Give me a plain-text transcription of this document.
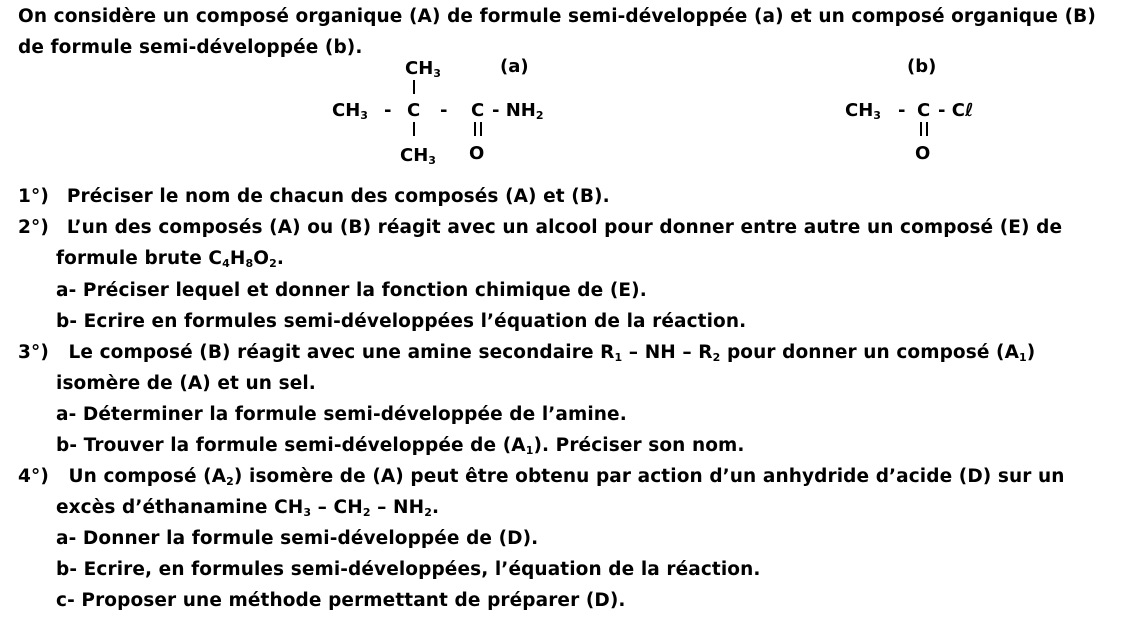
On considère un composé organique (A) de formule semi-développée (a) et un composé organique (B)
de formule semi-développée (b).
(a)
$CH_3$
$CH_3$ - C - C - $NH_2$
$CH_3$ O
(b)
$CH_3$ - C - Cℓ
O
1°) Préciser le nom de chacun des composés (A) et (B).
2°) L’un des composés (A) ou (B) réagit avec un alcool pour donner entre autre un composé (E) de
formule brute $C_4H_8O_2$.
a- Préciser lequel et donner la fonction chimique de (E).
b- Ecrire en formules semi-développées l’équation de la réaction.
3°) Le composé (B) réagit avec une amine secondaire $R_1$ – NH – $R_2$ pour donner un composé $(A_1)$
isomère de (A) et un sel.
a- Déterminer la formule semi-développée de l’amine.
b- Trouver la formule semi-développée de $(A_1)$. Préciser son nom.
4°) Un composé $(A_2)$ isomère de (A) peut être obtenu par action d’un anhydride d’acide (D) sur un
excès d’éthanamine $CH_3 - CH_2 - NH_2$.
a- Donner la formule semi-développée de (D).
b- Ecrire, en formules semi-développées, l’équation de la réaction.
c- Proposer une méthode permettant de préparer (D).
